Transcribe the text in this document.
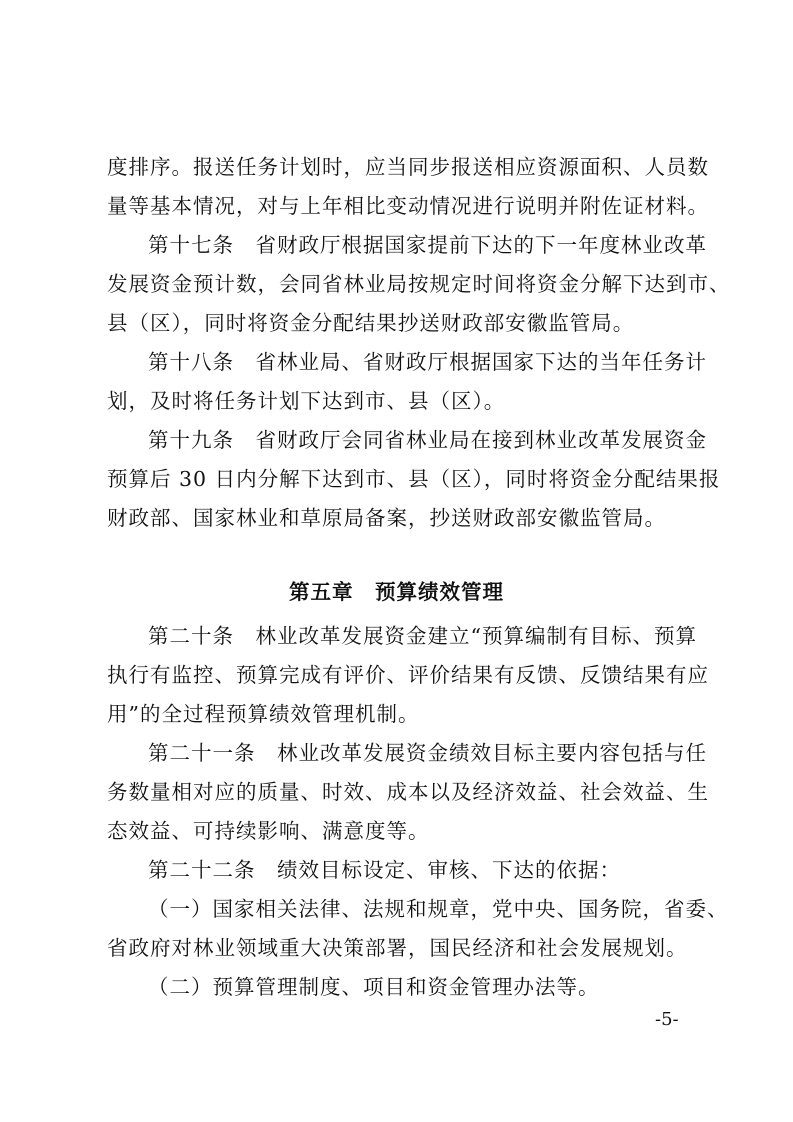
度排序。报送任务计划时，应当同步报送相应资源面积、人员数
量等基本情况，对与上年相比变动情况进行说明并附佐证材料。
第十七条　省财政厅根据国家提前下达的下一年度林业改革
发展资金预计数，会同省林业局按规定时间将资金分解下达到市、
县（区），同时将资金分配结果抄送财政部安徽监管局。
第十八条　省林业局、省财政厅根据国家下达的当年任务计
划，及时将任务计划下达到市、县（区）。
第十九条　省财政厅会同省林业局在接到林业改革发展资金
预算后 30 日内分解下达到市、县（区），同时将资金分配结果报
财政部、国家林业和草原局备案，抄送财政部安徽监管局。
第五章　预算绩效管理
第二十条　林业改革发展资金建立“预算编制有目标、预算
执行有监控、预算完成有评价、评价结果有反馈、反馈结果有应
用”的全过程预算绩效管理机制。
第二十一条　林业改革发展资金绩效目标主要内容包括与任
务数量相对应的质量、时效、成本以及经济效益、社会效益、生
态效益、可持续影响、满意度等。
第二十二条　绩效目标设定、审核、下达的依据：
（一）国家相关法律、法规和规章，党中央、国务院，省委、
省政府对林业领域重大决策部署，国民经济和社会发展规划。
（二）预算管理制度、项目和资金管理办法等。
-5-
